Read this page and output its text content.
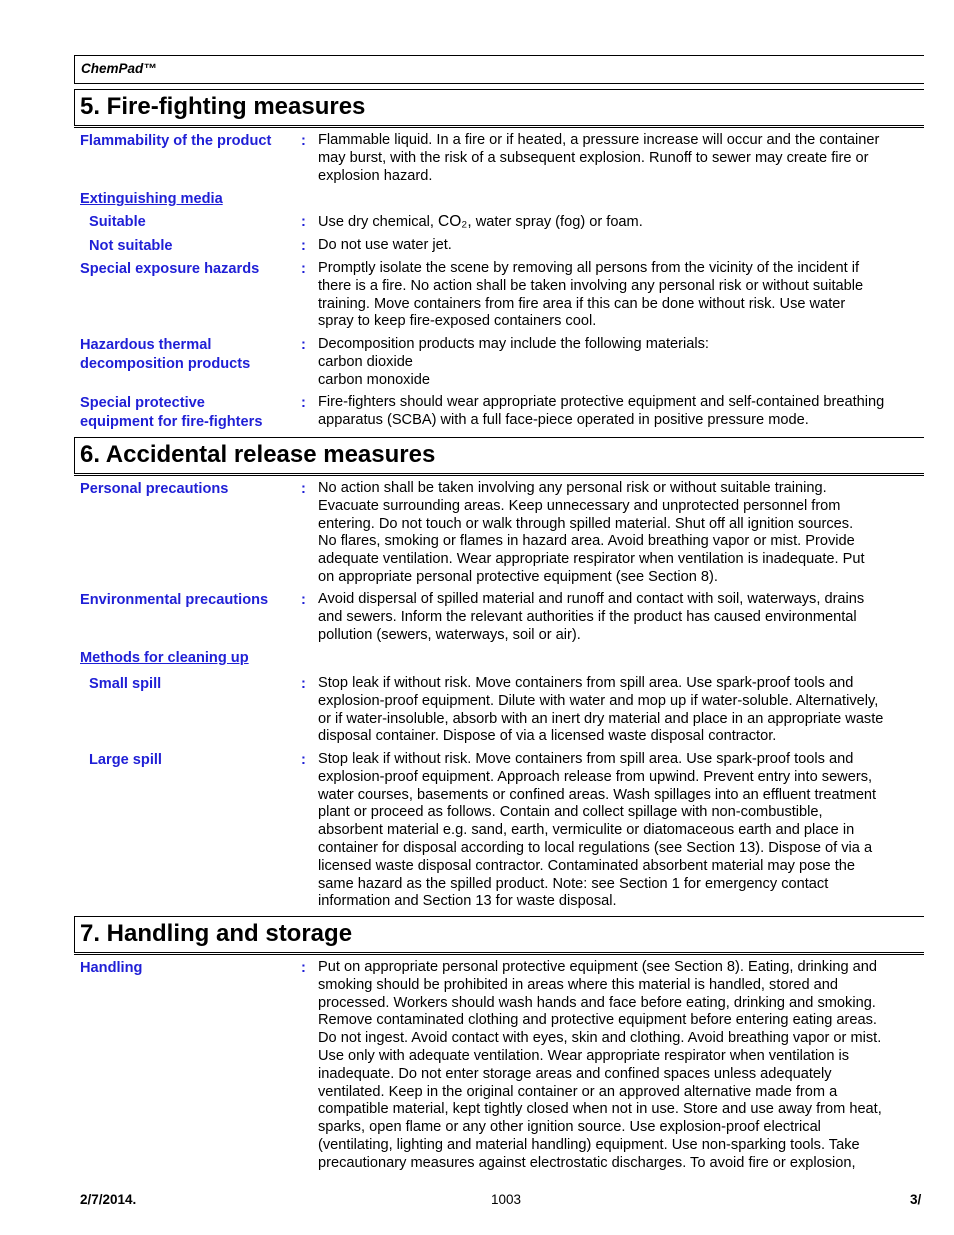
ChemPad™
5. Fire-fighting measures
Flammability of the product : Flammable liquid. In a fire or if heated, a pressure increase will occur and the container
may burst, with the risk of a subsequent explosion. Runoff to sewer may create fire or
explosion hazard.
Extinguishing media
Suitable	: Use dry chemical, CO₂, water spray (fog) or foam.
Not suitable	: Do not use water jet.
Special exposure hazards	: Promptly isolate the scene by removing all persons from the vicinity of the incident if
there is a fire. No action shall be taken involving any personal risk or without suitable
training. Move containers from fire area if this can be done without risk. Use water
spray to keep fire-exposed containers cool.
Hazardous thermal
decomposition products
: Decomposition products may include the following materials:
carbon dioxide
carbon monoxide
Special protective
equipment for fire-fighters
: Fire-fighters should wear appropriate protective equipment and self-contained breathing
apparatus (SCBA) with a full face-piece operated in positive pressure mode.
6. Accidental release measures
Personal precautions	: No action shall be taken involving any personal risk or without suitable training.
Evacuate surrounding areas. Keep unnecessary and unprotected personnel from
entering. Do not touch or walk through spilled material. Shut off all ignition sources.
No flares, smoking or flames in hazard area. Avoid breathing vapor or mist. Provide
adequate ventilation. Wear appropriate respirator when ventilation is inadequate. Put
on appropriate personal protective equipment (see Section 8).
Environmental precautions : Avoid dispersal of spilled material and runoff and contact with soil, waterways, drains
and sewers. Inform the relevant authorities if the product has caused environmental
pollution (sewers, waterways, soil or air).
Methods for cleaning up
Small spill	: Stop leak if without risk. Move containers from spill area. Use spark-proof tools and
explosion-proof equipment. Dilute with water and mop up if water-soluble. Alternatively,
or if water-insoluble, absorb with an inert dry material and place in an appropriate waste
disposal container. Dispose of via a licensed waste disposal contractor.
Large spill	: Stop leak if without risk. Move containers from spill area. Use spark-proof tools and
explosion-proof equipment. Approach release from upwind. Prevent entry into sewers,
water courses, basements or confined areas. Wash spillages into an effluent treatment
plant or proceed as follows. Contain and collect spillage with non-combustible,
absorbent material e.g. sand, earth, vermiculite or diatomaceous earth and place in
container for disposal according to local regulations (see Section 13). Dispose of via a
licensed waste disposal contractor. Contaminated absorbent material may pose the
same hazard as the spilled product. Note: see Section 1 for emergency contact
information and Section 13 for waste disposal.
7. Handling and storage
Handling	: Put on appropriate personal protective equipment (see Section 8). Eating, drinking and
smoking should be prohibited in areas where this material is handled, stored and
processed. Workers should wash hands and face before eating, drinking and smoking.
Remove contaminated clothing and protective equipment before entering eating areas.
Do not ingest. Avoid contact with eyes, skin and clothing. Avoid breathing vapor or mist.
Use only with adequate ventilation. Wear appropriate respirator when ventilation is
inadequate. Do not enter storage areas and confined spaces unless adequately
ventilated. Keep in the original container or an approved alternative made from a
compatible material, kept tightly closed when not in use. Store and use away from heat,
sparks, open flame or any other ignition source. Use explosion-proof electrical
(ventilating, lighting and material handling) equipment. Use non-sparking tools. Take
precautionary measures against electrostatic discharges. To avoid fire or explosion,
2/7/2014.	1003	3/
